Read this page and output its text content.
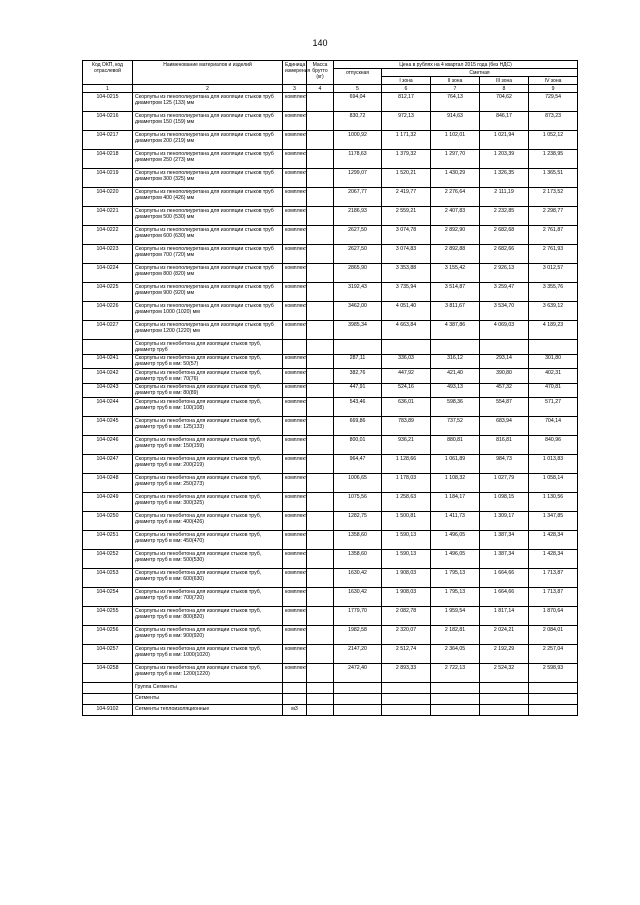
140
Код ОКП, код отраслевой	Наименование материалов и изделий	Единица измерения	Масса брутто (кг)	Цена в рублях на 4 квартал 2015 года (без НДС)				
				отпускная	Сметная			
					I зона	II зона	III зона	IV зона
1	2	3	4	5	6	7	8	9
104-0215	Скорлупы из пенополиуретана для изоляции стыков труб диаметром 125 (133) мм	комплект		694,04	812,17	764,13	704,62	729,54
104-0216	Скорлупы из пенополиуретана для изоляции стыков труб диаметром 150 (159) мм	комплект		830,72	972,13	914,63	846,17	873,23
104-0217	Скорлупы из пенополиуретана для изоляции стыков труб диаметром 200 (219) мм	комплект		1000,92	1 171,32	1 102,01	1 021,94	1 052,12
104-0218	Скорлупы из пенополиуретана для изоляции стыков труб диаметром 250 (273) мм	комплект		1178,63	1 379,32	1 297,70	1 203,39	1 238,95
104-0219	Скорлупы из пенополиуретана для изоляции стыков труб диаметром 300 (325) мм	комплект		1299,07	1 520,21	1 430,29	1 326,35	1 365,51
104-0220	Скорлупы из пенополиуретана для изоляции стыков труб диаметром 400 (426) мм	комплект		2067,77	2 419,77	2 276,64	2 111,19	2 173,52
104-0221	Скорлупы из пенополиуретана для изоляции стыков труб диаметром 500 (530) мм	комплект		2186,93	2 559,21	2 407,83	2 232,85	2 298,77
104-0222	Скорлупы из пенополиуретана для изоляции стыков труб диаметром 600 (630) мм	комплект		2627,50	3 074,78	2 892,90	2 682,68	2 761,87
104-0223	Скорлупы из пенополиуретана для изоляции стыков труб диаметром 700 (720) мм	комплект		2627,50	3 074,83	2 892,88	2 682,66	2 761,93
104-0224	Скорлупы из пенополиуретана для изоляции стыков труб диаметром 800 (820) мм	комплект		2865,90	3 353,88	3 155,42	2 926,13	3 012,57
104-0225	Скорлупы из пенополиуретана для изоляции стыков труб диаметром 900 (920) мм	комплект		3192,43	3 735,94	3 514,87	3 259,47	3 355,76
104-0226	Скорлупы из пенополиуретана для изоляции стыков труб диаметром 1000 (1020) мм	комплект		3462,00	4 051,40	3 811,67	3 534,70	3 639,12
104-0227	Скорлупы из пенополиуретана для изоляции стыков труб диаметром 1200 (1220) мм	комплект		3985,34	4 663,84	4 387,86	4 069,03	4 189,23
	Скорлупы из пенобетона для изоляции стыков труб, диаметр труб							
104-0241	Скорлупы из пенобетона для изоляции стыков труб, диаметр труб в мм: 50(57)	комплект		287,11	336,03	316,12	293,14	301,80
104-0242	Скорлупы из пенобетона для изоляции стыков труб, диаметр труб в мм: 70(76)	комплект		382,76	447,92	421,40	390,80	402,31
104-0243	Скорлупы из пенобетона для изоляции стыков труб, диаметр труб в мм: 80(89)	комплект		447,91	524,16	493,13	457,32	470,81
104-0244	Скорлупы из пенобетона для изоляции стыков труб, диаметр труб в мм: 100(108)	комплект		543,46	636,01	598,36	554,87	571,27
104-0245	Скорлупы из пенобетона для изоляции стыков труб, диаметр труб в мм: 125(133)	комплект		669,86	783,89	737,52	683,94	704,14
104-0246	Скорлупы из пенобетона для изоляции стыков труб, диаметр труб в мм: 150(159)	комплект		800,01	936,21	880,81	816,81	840,96
104-0247	Скорлупы из пенобетона для изоляции стыков труб, диаметр труб в мм: 200(219)	комплект		964,47	1 128,66	1 061,89	984,73	1 013,83
104-0248	Скорлупы из пенобетона для изоляции стыков труб, диаметр труб в мм: 250(273)	комплект		1006,65	1 178,03	1 108,32	1 027,79	1 058,14
104-0249	Скорлупы из пенобетона для изоляции стыков труб, диаметр труб в мм: 300(325)	комплект		1075,56	1 258,63	1 184,17	1 098,15	1 130,56
104-0250	Скорлупы из пенобетона для изоляции стыков труб, диаметр труб в мм: 400(426)	комплект		1282,75	1 500,81	1 411,73	1 309,17	1 347,85
104-0251	Скорлупы из пенобетона для изоляции стыков труб, диаметр труб в мм: 450(470)	комплект		1358,60	1 590,13	1 496,05	1 387,34	1 428,34
104-0252	Скорлупы из пенобетона для изоляции стыков труб, диаметр труб в мм: 500(530)	комплект		1358,60	1 590,13	1 496,05	1 387,34	1 428,34
104-0253	Скорлупы из пенобетона для изоляции стыков труб, диаметр труб в мм: 600(630)	комплект		1630,42	1 908,03	1 795,13	1 664,66	1 713,87
104-0254	Скорлупы из пенобетона для изоляции стыков труб, диаметр труб в мм: 700(720)	комплект		1630,42	1 908,03	1 795,13	1 664,66	1 713,87
104-0255	Скорлупы из пенобетона для изоляции стыков труб, диаметр труб в мм: 800(820)	комплект		1779,70	2 082,78	1 959,54	1 817,14	1 870,64
104-0256	Скорлупы из пенобетона для изоляции стыков труб, диаметр труб в мм: 900(920)	комплект		1982,58	2 320,07	2 182,81	2 024,21	2 084,01
104-0257	Скорлупы из пенобетона для изоляции стыков труб, диаметр труб в мм: 1000(1020)	комплект		2147,20	2 512,74	2 364,05	2 192,29	2 257,04
104-0258	Скорлупы из пенобетона для изоляции стыков труб, диаметр труб в мм: 1200(1220)	комплект		2472,40	2 893,33	2 722,13	2 524,32	2 598,93
	Группа Сегменты							
	Сегменты							
104-9102	Сегменты теплоизоляционные	м3						
